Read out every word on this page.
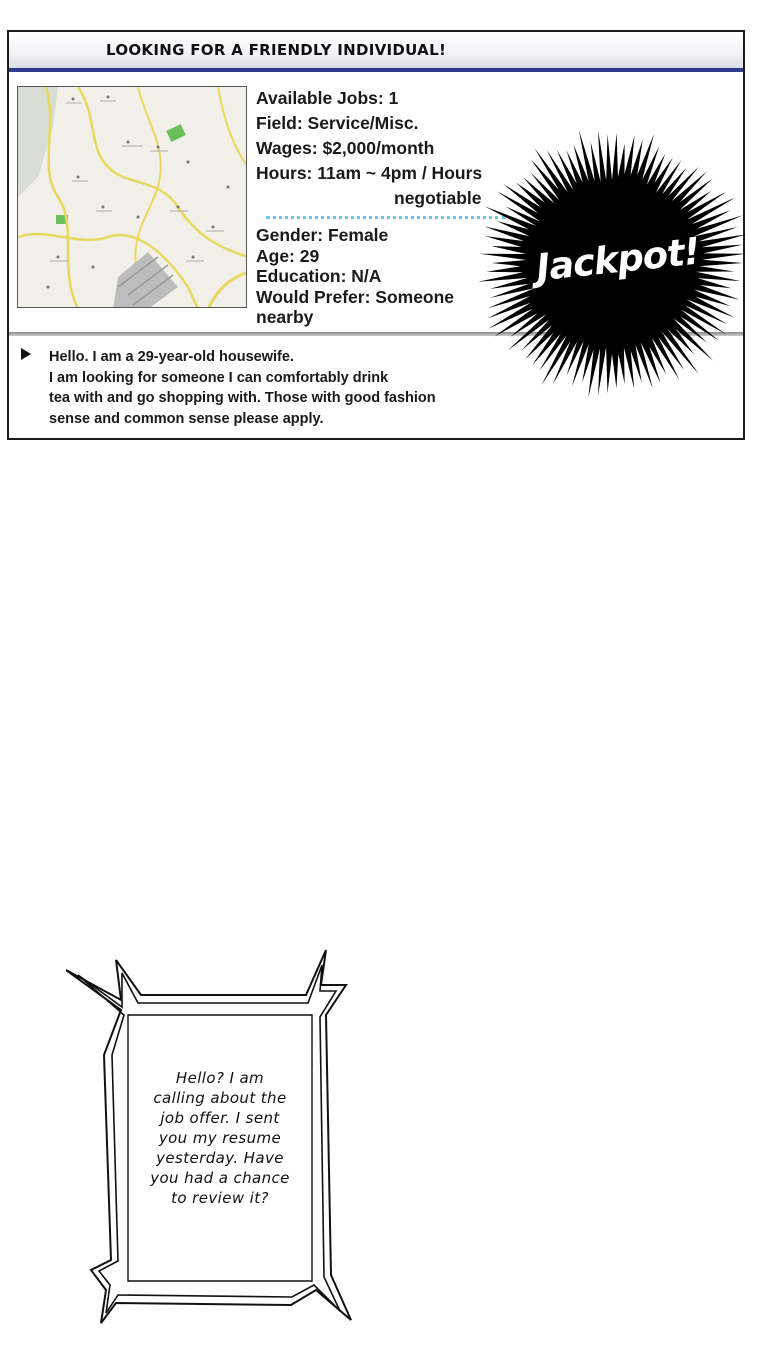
LOOKING FOR A FRIENDLY INDIVIDUAL!
Available Jobs: 1
Field: Service/Misc.
Wages: $2,000/month
Hours: 11am ~ 4pm / Hours
negotiable
Gender: Female
Age: 29
Education: N/A
Would Prefer: Someone
nearby
Hello. I am a 29-year-old housewife.
I am looking for someone I can comfortably drink
tea with and go shopping with. Those with good fashion
sense and common sense please apply.
Jackpot!
Hello? I am
calling about the
job offer. I sent
you my resume
yesterday. Have
you had a chance
to review it?
